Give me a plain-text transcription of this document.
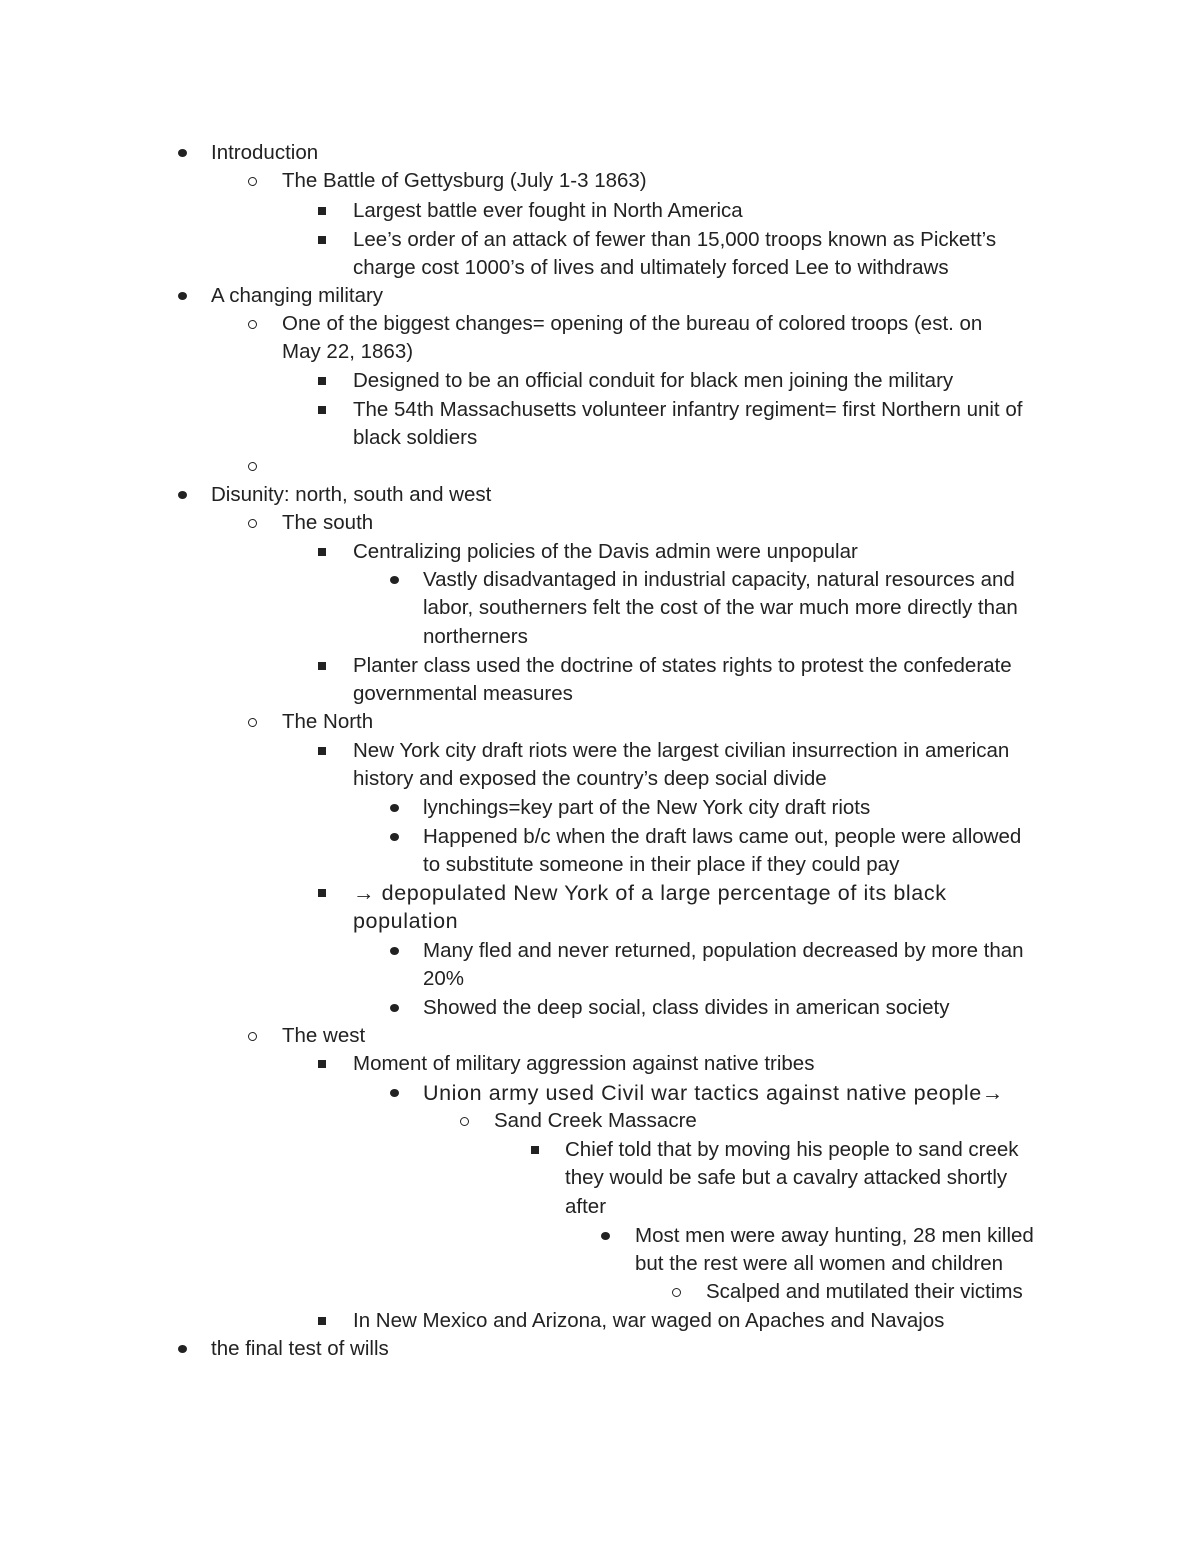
Introduction
The Battle of Gettysburg (July 1-3 1863)
Largest battle ever fought in North America
Lee’s order of an attack of fewer than 15,000 troops known as Pickett’s
charge cost 1000’s of lives and ultimately forced Lee to withdraws
A changing military
One of the biggest changes= opening of the bureau of colored troops (est. on
May 22, 1863)
Designed to be an official conduit for black men joining the military
The 54th Massachusetts volunteer infantry regiment= first Northern unit of
black soldiers
Disunity: north, south and west
The south
Centralizing policies of the Davis admin were unpopular
Vastly disadvantaged in industrial capacity, natural resources and
labor, southerners felt the cost of the war much more directly than
northerners
Planter class used the doctrine of states rights to protest the confederate
governmental measures
The North
New York city draft riots were the largest civilian insurrection in american
history and exposed the country’s deep social divide
lynchings=key part of the New York city draft riots
Happened b/c when the draft laws came out, people were allowed
to substitute someone in their place if they could pay
→ depopulated New York of a large percentage of its black
population
Many fled and never returned, population decreased by more than
20%
Showed the deep social, class divides in american society
The west
Moment of military aggression against native tribes
Union army used Civil war tactics against native people→
Sand Creek Massacre
Chief told that by moving his people to sand creek
they would be safe but a cavalry attacked shortly
after
Most men were away hunting, 28 men killed
but the rest were all women and children
Scalped and mutilated their victims
In New Mexico and Arizona, war waged on Apaches and Navajos
the final test of wills
